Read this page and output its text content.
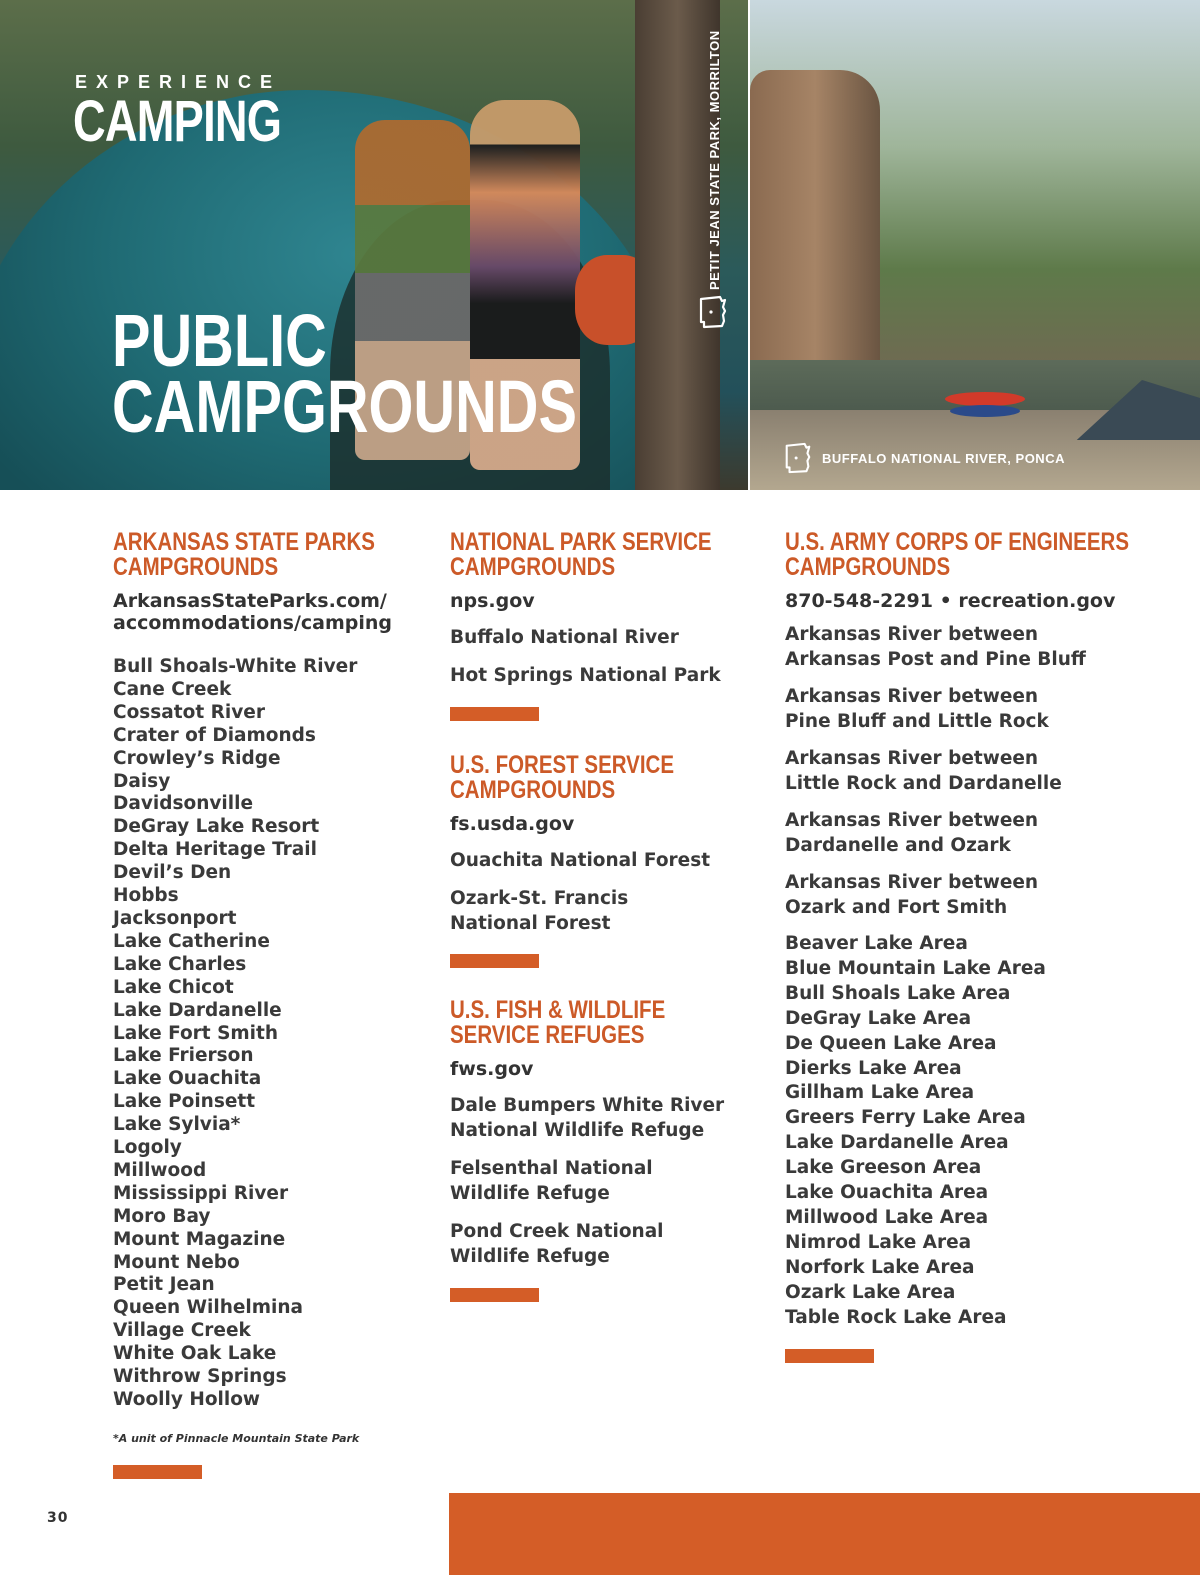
EXPERIENCE
CAMPING
PUBLIC
CAMPGROUNDS
PETIT JEAN STATE PARK, MORRILTON
BUFFALO NATIONAL RIVER, PONCA
ARKANSAS STATE PARKS
CAMPGROUNDS
ArkansasStateParks.com/
accommodations/camping
Bull Shoals-White River
Cane Creek
Cossatot River
Crater of Diamonds
Crowley’s Ridge
Daisy
Davidsonville
DeGray Lake Resort
Delta Heritage Trail
Devil’s Den
Hobbs
Jacksonport
Lake Catherine
Lake Charles
Lake Chicot
Lake Dardanelle
Lake Fort Smith
Lake Frierson
Lake Ouachita
Lake Poinsett
Lake Sylvia*
Logoly
Millwood
Mississippi River
Moro Bay
Mount Magazine
Mount Nebo
Petit Jean
Queen Wilhelmina
Village Creek
White Oak Lake
Withrow Springs
Woolly Hollow
*A unit of Pinnacle Mountain State Park
NATIONAL PARK SERVICE
CAMPGROUNDS
nps.gov
Buffalo National River
Hot Springs National Park
U.S. FOREST SERVICE
CAMPGROUNDS
fs.usda.gov
Ouachita National Forest
Ozark-St. Francis
National Forest
U.S. FISH & WILDLIFE
SERVICE REFUGES
fws.gov
Dale Bumpers White River
National Wildlife Refuge
Felsenthal National
Wildlife Refuge
Pond Creek National
Wildlife Refuge
U.S. ARMY CORPS OF ENGINEERS
CAMPGROUNDS
870-548-2291 • recreation.gov
Arkansas River between
Arkansas Post and Pine Bluff
Arkansas River between
Pine Bluff and Little Rock
Arkansas River between
Little Rock and Dardanelle
Arkansas River between
Dardanelle and Ozark
Arkansas River between
Ozark and Fort Smith
Beaver Lake Area
Blue Mountain Lake Area
Bull Shoals Lake Area
DeGray Lake Area
De Queen Lake Area
Dierks Lake Area
Gillham Lake Area
Greers Ferry Lake Area
Lake Dardanelle Area
Lake Greeson Area
Lake Ouachita Area
Millwood Lake Area
Nimrod Lake Area
Norfork Lake Area
Ozark Lake Area
Table Rock Lake Area
30
